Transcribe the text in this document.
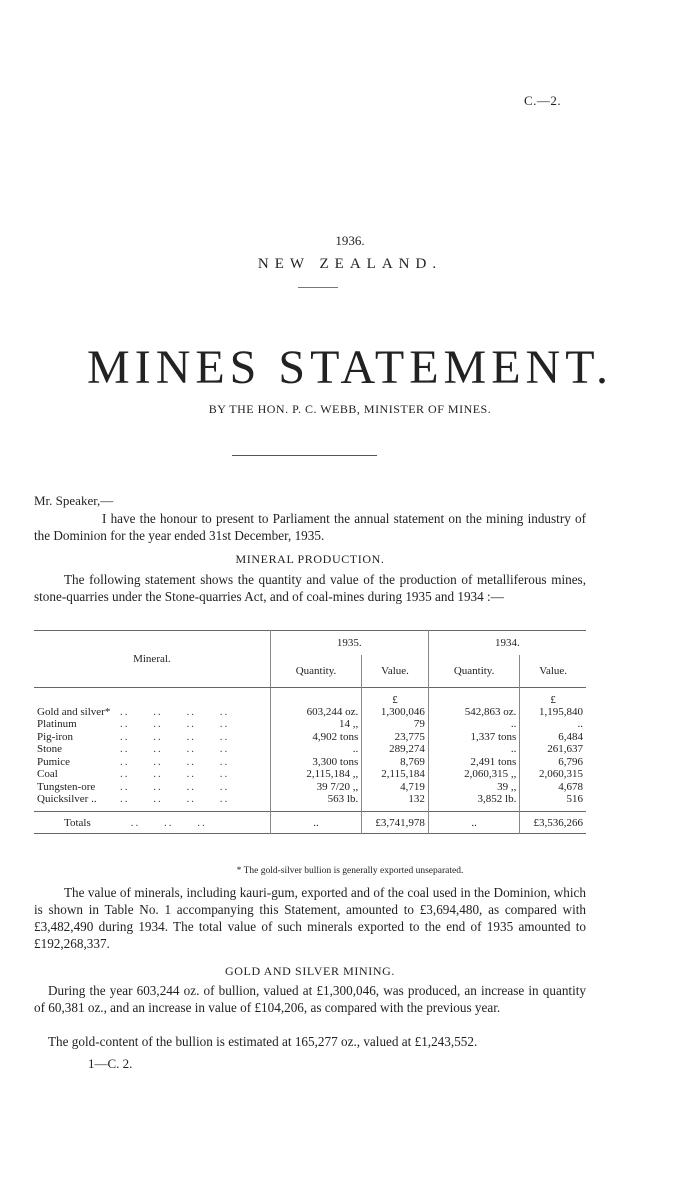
C.—2.
1936.
NEW ZEALAND.
MINES STATEMENT.
BY THE HON. P. C. WEBB, MINISTER OF MINES.
Mr. Speaker,—
I have the honour to present to Parliament the annual statement on the mining industry of the Dominion for the year ended 31st December, 1935.
MINERAL PRODUCTION.
The following statement shows the quantity and value of the production of metalliferous mines, stone-quarries under the Stone-quarries Act, and of coal-mines during 1935 and 1934 :—
Mineral.	1935.		1934.	
	Quantity.	Value.	Quantity.	Value.
		£		£
Gold and silver* ..     ..     ..     ..	603,244 oz.	1,300,046	542,863 oz.	1,195,840
Platinum ..     ..     ..     ..	14 ,,	79	..	..
Pig-iron ..     ..     ..     ..	4,902 tons	23,775	1,337 tons	6,484
Stone ..     ..     ..     ..	..	289,274	..	261,637
Pumice ..     ..     ..     ..	3,300 tons	8,769	2,491 tons	6,796
Coal ..     ..     ..     ..	2,115,184 ,,	2,115,184	2,060,315 ,,	2,060,315
Tungsten-ore ..     ..     ..     ..	39 7/20 ,,	4,719	39 ,,	4,678
Quicksilver .. ..     ..     ..     ..	563 lb.	132	3,852 lb.	516

Totals ..     ..     ..	..	£3,741,978	..	£3,536,266
* The gold-silver bullion is generally exported unseparated.
The value of minerals, including kauri-gum, exported and of the coal used in the Dominion, which is shown in Table No. 1 accompanying this Statement, amounted to £3,694,480, as compared with £3,482,490 during 1934. The total value of such minerals exported to the end of 1935 amounted to £192,268,337.
GOLD AND SILVER MINING.
During the year 603,244 oz. of bullion, valued at £1,300,046, was produced, an increase in quantity of 60,381 oz., and an increase in value of £104,206, as compared with the previous year.
The gold-content of the bullion is estimated at 165,277 oz., valued at £1,243,552.
1—C. 2.
